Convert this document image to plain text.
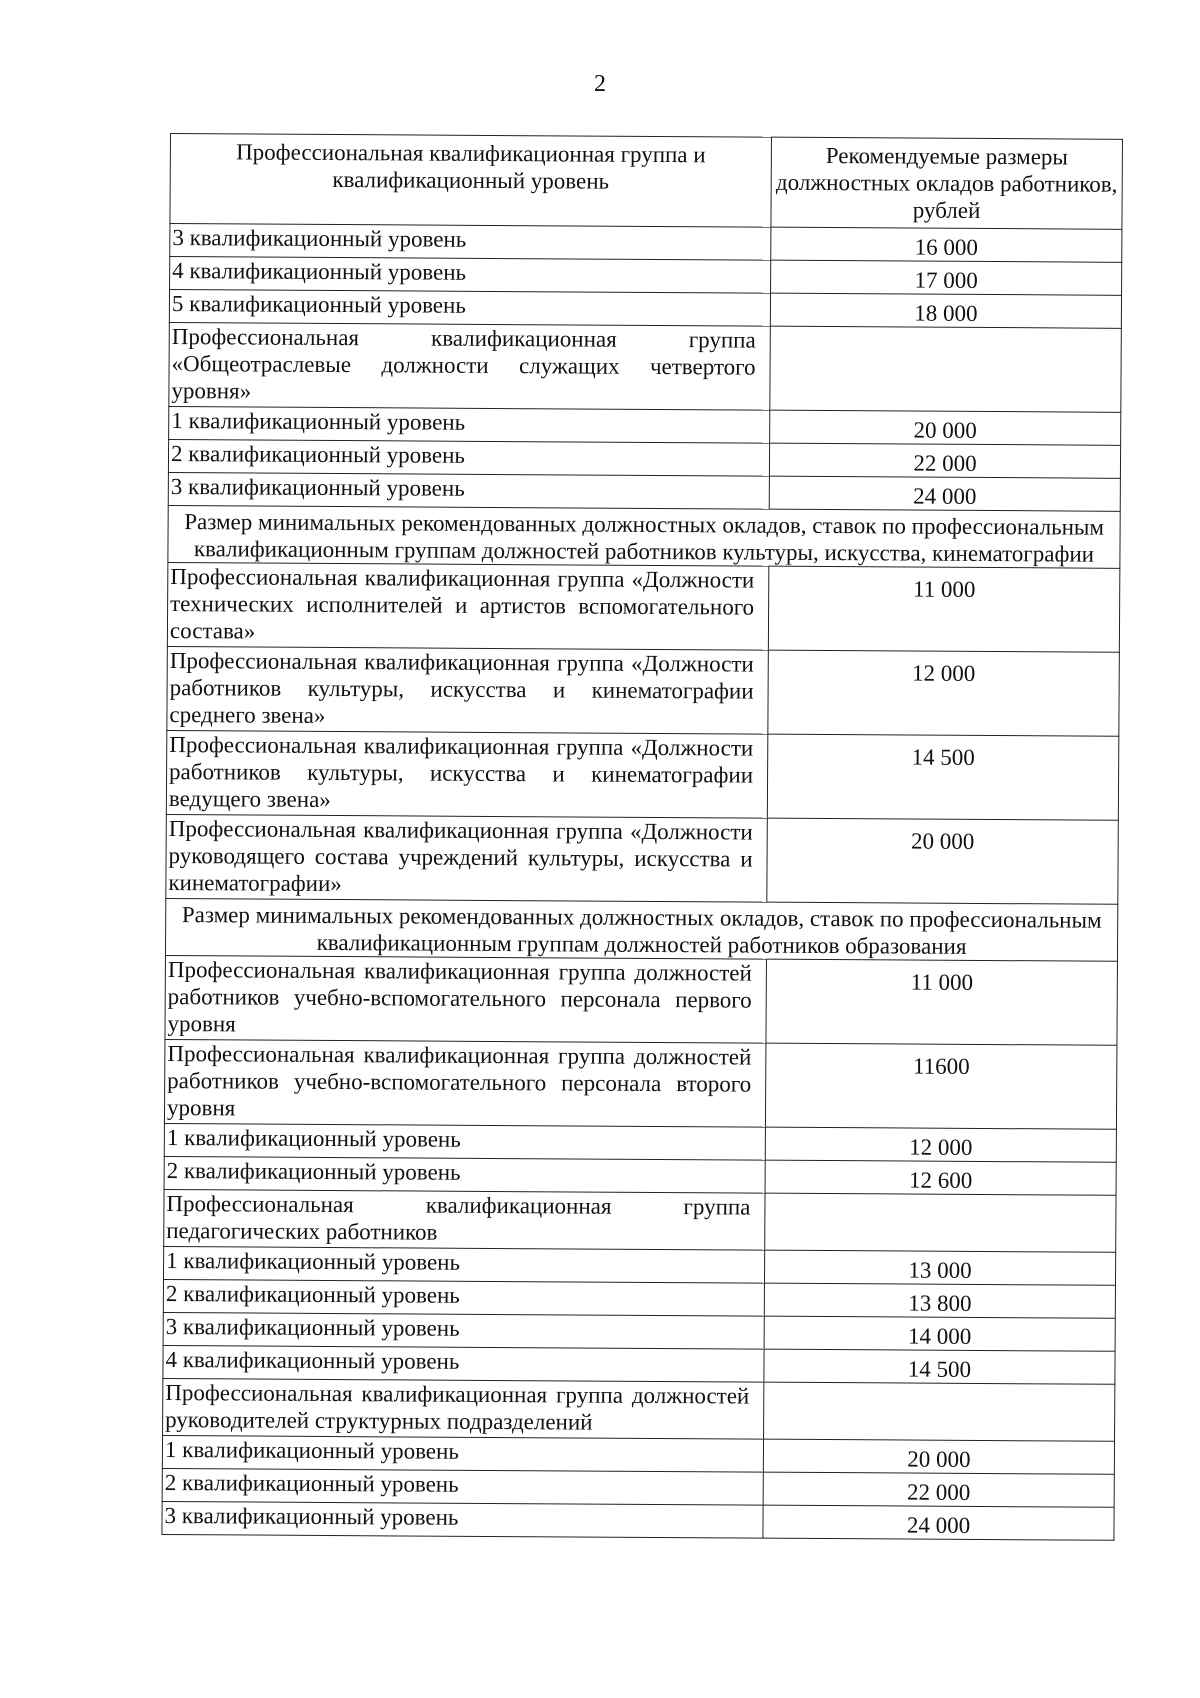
2
Профессиональная квалификационная группа и квалификационный уровень	Рекомендуемые размеры должностных окладов работников, рублей
3 квалификационный уровень	16 000
4 квалификационный уровень	17 000
5 квалификационный уровень	18 000
Профессиональная квалификационная группа «Общеотраслевые должности служащих четвертого уровня»	
1 квалификационный уровень	20 000
2 квалификационный уровень	22 000
3 квалификационный уровень	24 000
Размер минимальных рекомендованных должностных окладов, ставок по профессиональным квалификационным группам должностей работников культуры, искусства, кинематографии	
Профессиональная квалификационная группа «Должности технических исполнителей и артистов вспомогательного состава»	11 000
Профессиональная квалификационная группа «Должности работников культуры, искусства и кинематографии среднего звена»	12 000
Профессиональная квалификационная группа «Должности работников культуры, искусства и кинематографии ведущего звена»	14 500
Профессиональная квалификационная группа «Должности руководящего состава учреждений культуры, искусства и кинематографии»	20 000
Размер минимальных рекомендованных должностных окладов, ставок по профессиональным квалификационным группам должностей работников образования	
Профессиональная квалификационная группа должностей работников учебно-вспомогательного персонала первого уровня	11 000
Профессиональная квалификационная группа должностей работников учебно-вспомогательного персонала второго уровня	11600
1 квалификационный уровень	12 000
2 квалификационный уровень	12 600
Профессиональная квалификационная группа педагогических работников	
1 квалификационный уровень	13 000
2 квалификационный уровень	13 800
3 квалификационный уровень	14 000
4 квалификационный уровень	14 500
Профессиональная квалификационная группа должностей руководителей структурных подразделений	
1 квалификационный уровень	20 000
2 квалификационный уровень	22 000
3 квалификационный уровень	24 000
